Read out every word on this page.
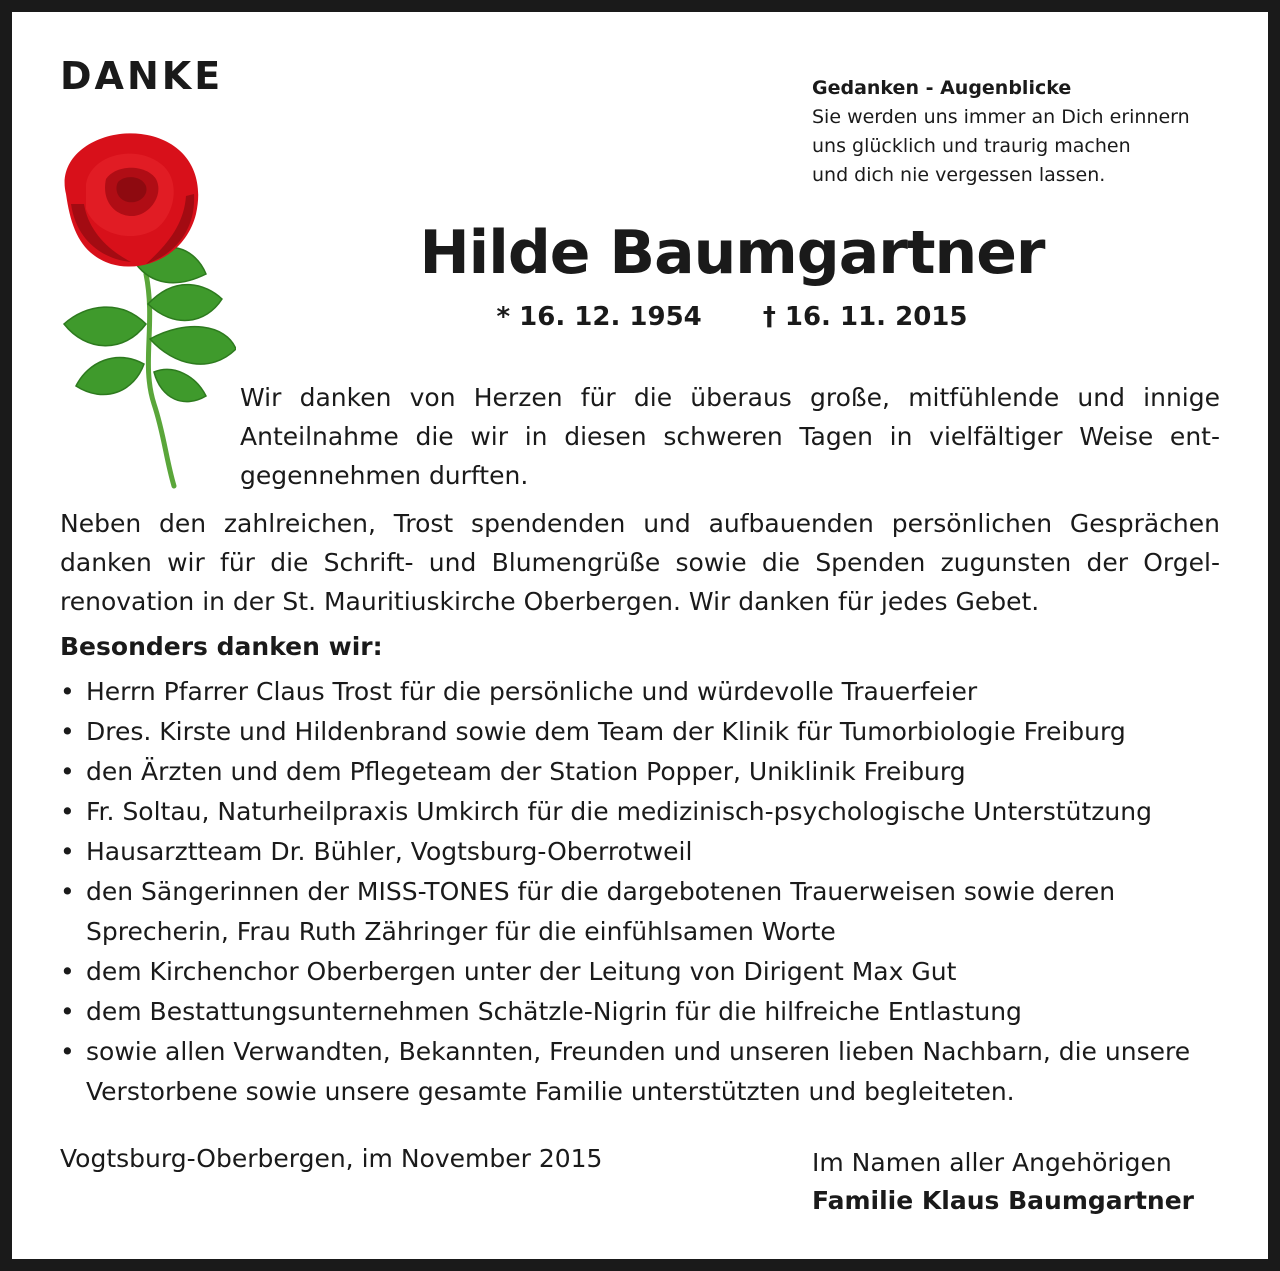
DANKE	Gedanken - Augenblicke
Sie werden uns immer an Dich erinnern
uns glücklich und traurig machen
und dich nie vergessen lassen.
Hilde Baumgartner
* 16. 12. 1954 † 16. 11. 2015
Wir danken von Herzen für die überaus große, mitfühlende und innige Anteilnahme die wir in diesen schweren Tagen in vielfältiger Weise entgegennehmen durften.
Neben den zahlreichen, Trost spendenden und aufbauenden persönlichen Gesprächen danken wir für die Schrift- und Blumengrüße sowie die Spenden zugunsten der Orgelrenovation in der St. Mauritiuskirche Oberbergen. Wir danken für jedes Gebet.
Besonders danken wir:
• Herrn Pfarrer Claus Trost für die persönliche und würdevolle Trauerfeier
• Dres. Kirste und Hildenbrand sowie dem Team der Klinik für Tumorbiologie Freiburg
• den Ärzten und dem Pflegeteam der Station Popper, Uniklinik Freiburg
• Fr. Soltau, Naturheilpraxis Umkirch für die medizinisch-psychologische Unterstützung
• Hausarztteam Dr. Bühler, Vogtsburg-Oberrotweil
• den Sängerinnen der MISS-TONES für die dargebotenen Trauerweisen sowie deren Sprecherin, Frau Ruth Zähringer für die einfühlsamen Worte
• dem Kirchenchor Oberbergen unter der Leitung von Dirigent Max Gut
• dem Bestattungsunternehmen Schätzle-Nigrin für die hilfreiche Entlastung
• sowie allen Verwandten, Bekannten, Freunden und unseren lieben Nachbarn, die unsere Verstorbene sowie unsere gesamte Familie unterstützten und begleiteten.
Vogtsburg-Oberbergen, im November 2015	Im Namen aller Angehörigen
Familie Klaus Baumgartner
